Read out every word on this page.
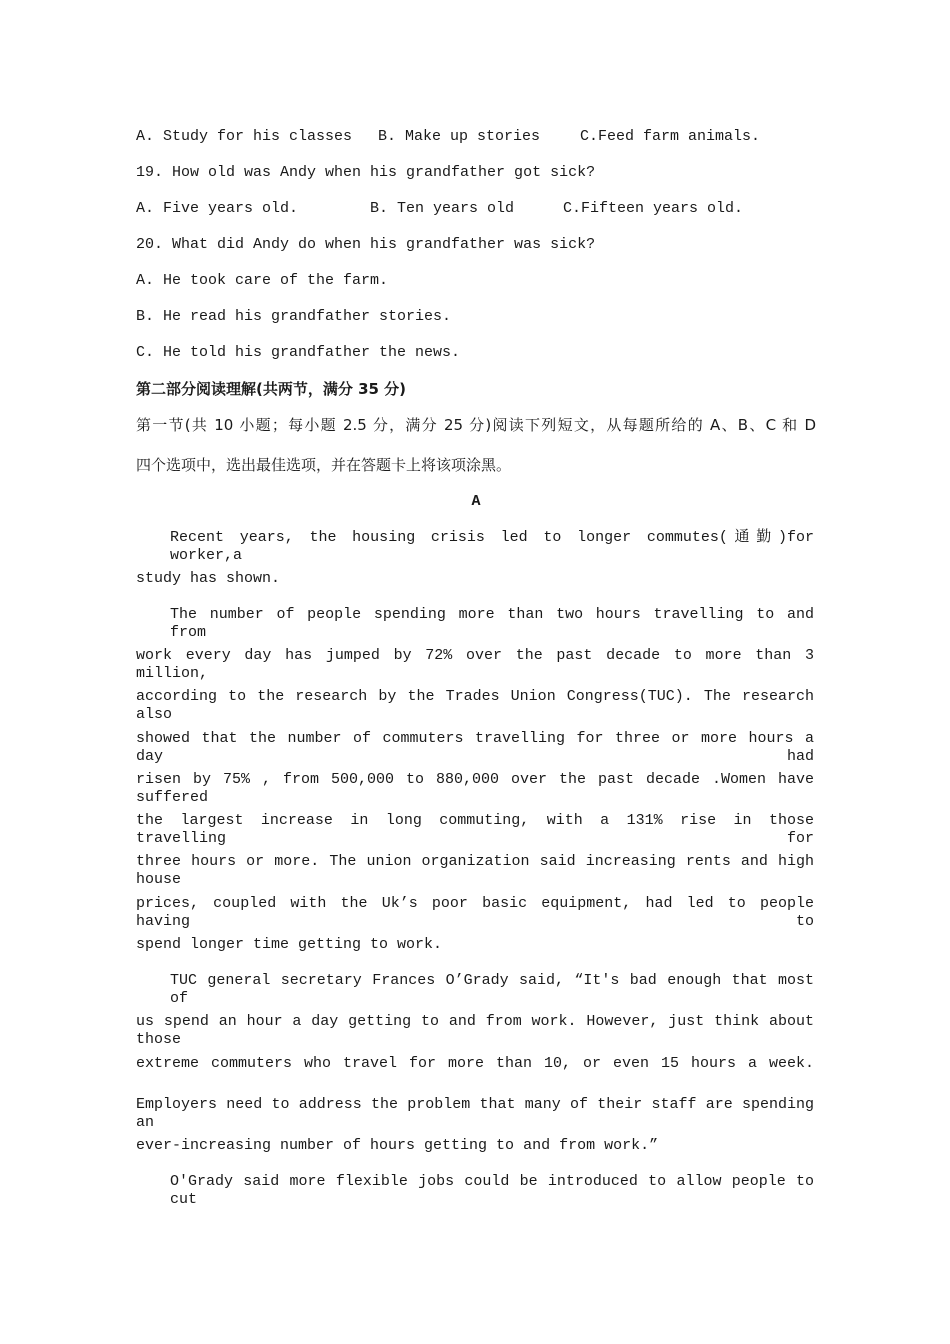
A. Study for his classes B. Make up stories	C.Feed farm animals.
19. How old was Andy when his grandfather got sick?
A. Five years old.	B. Ten years old	C.Fifteen years old.
20. What did Andy do when his grandfather was sick?
A. He took care of the farm.
B. He read his grandfather stories.
C. He told his grandfather the news.
第二部分阅读理解(共两节，满分 35 分)
第一节(共 10 小题；每小题 2.5 分，满分 25 分)阅读下列短文，从每题所给的 A、B、C 和 D
四个选项中，选出最佳选项，并在答题卡上将该项涂黑。
A
Recent years, the housing crisis led to longer commutes(通勤)for worker,a
study has shown.
The number of people spending more than two hours travelling to and from
work every day has jumped by 72% over the past decade to more than 3 million,
according to the research by the Trades Union Congress(TUC). The research also
showed that the number of commuters travelling for three or more hours a day had
risen by 75% , from 500,000 to 880,000 over the past decade .Women have suffered
the largest increase in long commuting, with a 131% rise in those travelling for
three hours or more. The union organization said increasing rents and high house
prices, coupled with the Uk’s poor basic equipment, had led to people having to
spend longer time getting to work.
TUC general secretary Frances O’Grady said, “It's bad enough that most of
us spend an hour a day getting to and from work. However, just think about those
extreme commuters who travel for more than 10, or even 15 hours a week.
Employers need to address the problem that many of their staff are spending an
ever-increasing number of hours getting to and from work.”
O'Grady said more flexible jobs could be introduced to allow people to cut
